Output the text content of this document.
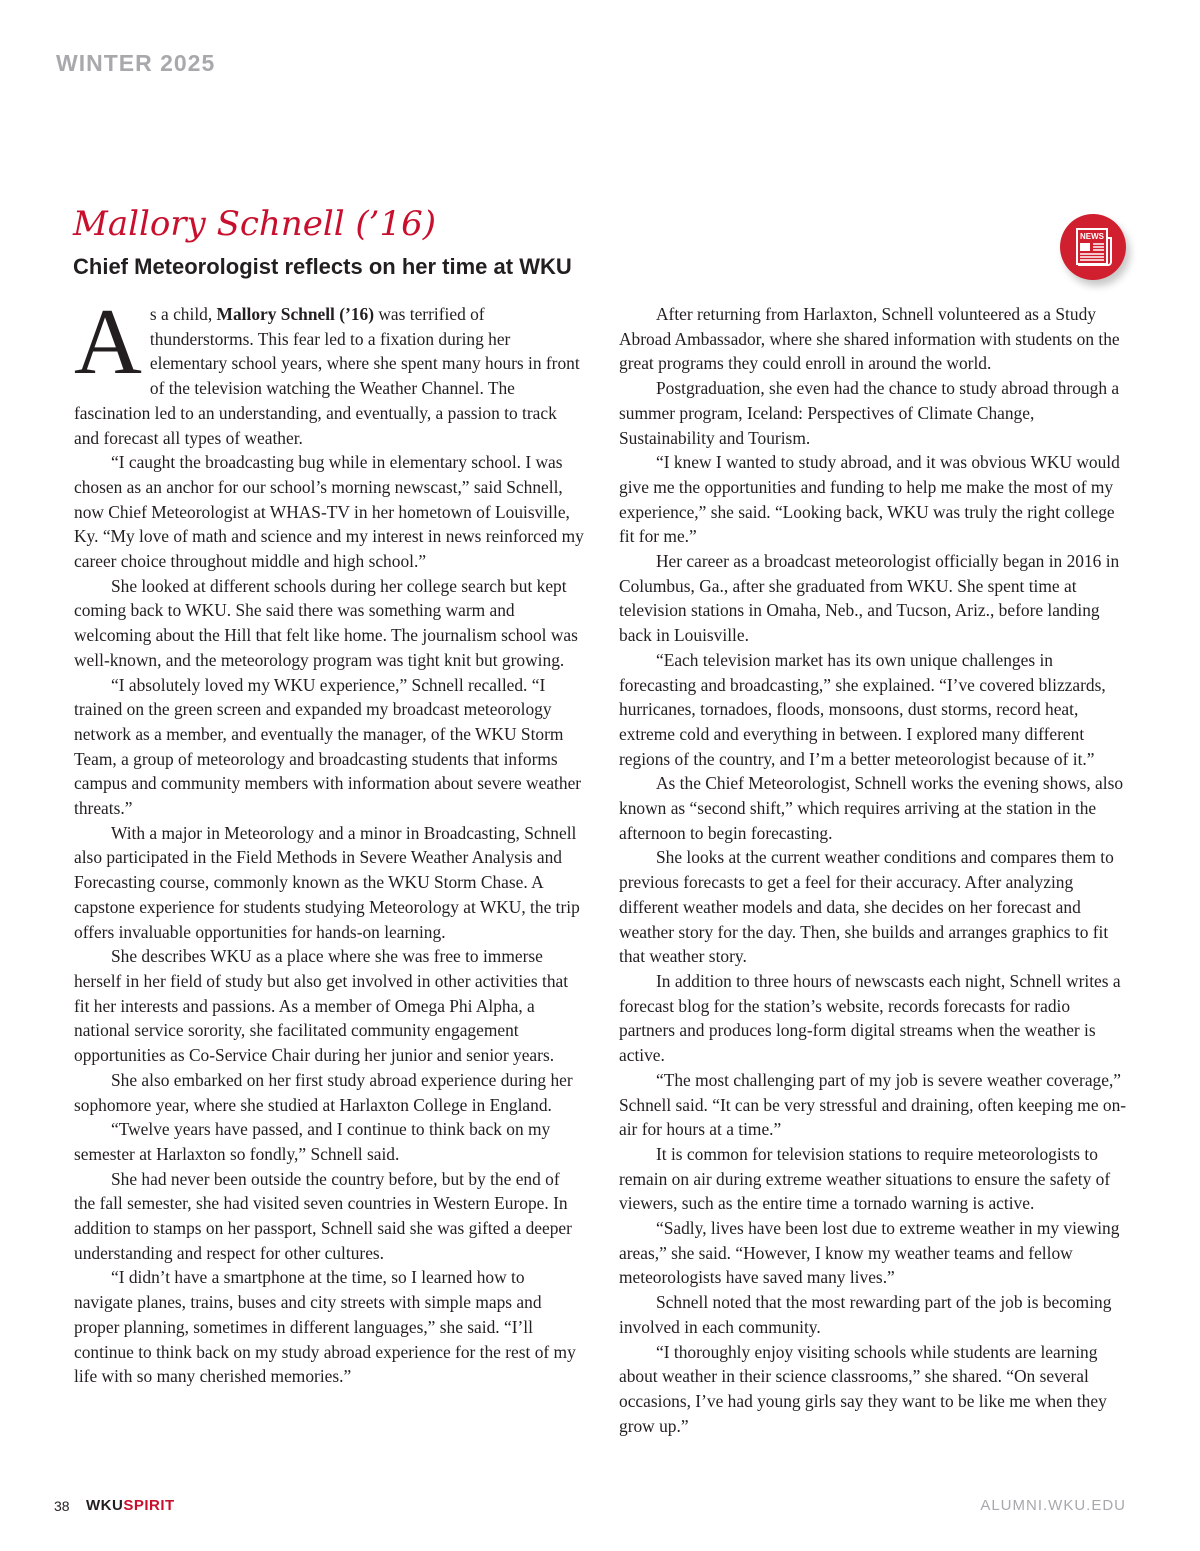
WINTER 2025
Mallory Schnell (’16)
Chief Meteorologist reflects on her time at WKU
NEWS

As a child, Mallory Schnell (’16) was terrified of thunderstorms. This fear led to a fixation during her elementary school years, where she spent many hours in front of the television watching the Weather Channel. The fascination led to an understanding, and eventually, a passion to track and forecast all types of weather.

“I caught the broadcasting bug while in elementary school. I was chosen as an anchor for our school’s morning newscast,” said Schnell, now Chief Meteorologist at WHAS-TV in her hometown of Louisville, Ky. “My love of math and science and my interest in news reinforced my career choice throughout middle and high school.”

She looked at different schools during her college search but kept coming back to WKU. She said there was something warm and welcoming about the Hill that felt like home. The journalism school was well-known, and the meteorology program was tight knit but growing.

“I absolutely loved my WKU experience,” Schnell recalled. “I trained on the green screen and expanded my broadcast meteorology network as a member, and eventually the manager, of the WKU Storm Team, a group of meteorology and broadcasting students that informs campus and community members with information about severe weather threats.”

With a major in Meteorology and a minor in Broadcasting, Schnell also participated in the Field Methods in Severe Weather Analysis and Forecasting course, commonly known as the WKU Storm Chase. A capstone experience for students studying Meteorology at WKU, the trip offers invaluable opportunities for hands-on learning.

She describes WKU as a place where she was free to immerse herself in her field of study but also get involved in other activities that fit her interests and passions. As a member of Omega Phi Alpha, a national service sorority, she facilitated community engagement opportunities as Co-Service Chair during her junior and senior years.

She also embarked on her first study abroad experience during her sophomore year, where she studied at Harlaxton College in England.

“Twelve years have passed, and I continue to think back on my semester at Harlaxton so fondly,” Schnell said.

She had never been outside the country before, but by the end of the fall semester, she had visited seven countries in Western Europe. In addition to stamps on her passport, Schnell said she was gifted a deeper understanding and respect for other cultures.

“I didn’t have a smartphone at the time, so I learned how to navigate planes, trains, buses and city streets with simple maps and proper planning, sometimes in different languages,” she said. “I’ll continue to think back on my study abroad experience for the rest of my life with so many cherished memories.”

After returning from Harlaxton, Schnell volunteered as a Study Abroad Ambassador, where she shared information with students on the great programs they could enroll in around the world.

Postgraduation, she even had the chance to study abroad through a summer program, Iceland: Perspectives of Climate Change, Sustainability and Tourism.

“I knew I wanted to study abroad, and it was obvious WKU would give me the opportunities and funding to help me make the most of my experience,” she said. “Looking back, WKU was truly the right college fit for me.”

Her career as a broadcast meteorologist officially began in 2016 in Columbus, Ga., after she graduated from WKU. She spent time at television stations in Omaha, Neb., and Tucson, Ariz., before landing back in Louisville.

“Each television market has its own unique challenges in forecasting and broadcasting,” she explained. “I’ve covered blizzards, hurricanes, tornadoes, floods, monsoons, dust storms, record heat, extreme cold and everything in between. I explored many different regions of the country, and I’m a better meteorologist because of it.”

As the Chief Meteorologist, Schnell works the evening shows, also known as “second shift,” which requires arriving at the station in the afternoon to begin forecasting.

She looks at the current weather conditions and compares them to previous forecasts to get a feel for their accuracy. After analyzing different weather models and data, she decides on her forecast and weather story for the day. Then, she builds and arranges graphics to fit that weather story.

In addition to three hours of newscasts each night, Schnell writes a forecast blog for the station’s website, records forecasts for radio partners and produces long-form digital streams when the weather is active.

“The most challenging part of my job is severe weather coverage,” Schnell said. “It can be very stressful and draining, often keeping me on-air for hours at a time.”

It is common for television stations to require meteorologists to remain on air during extreme weather situations to ensure the safety of viewers, such as the entire time a tornado warning is active.

“Sadly, lives have been lost due to extreme weather in my viewing areas,” she said. “However, I know my weather teams and fellow meteorologists have saved many lives.”

Schnell noted that the most rewarding part of the job is becoming involved in each community.

“I thoroughly enjoy visiting schools while students are learning about weather in their science classrooms,” she shared. “On several occasions, I’ve had young girls say they want to be like me when they grow up.”

38 WKUSPIRIT	ALUMNI.WKU.EDU
